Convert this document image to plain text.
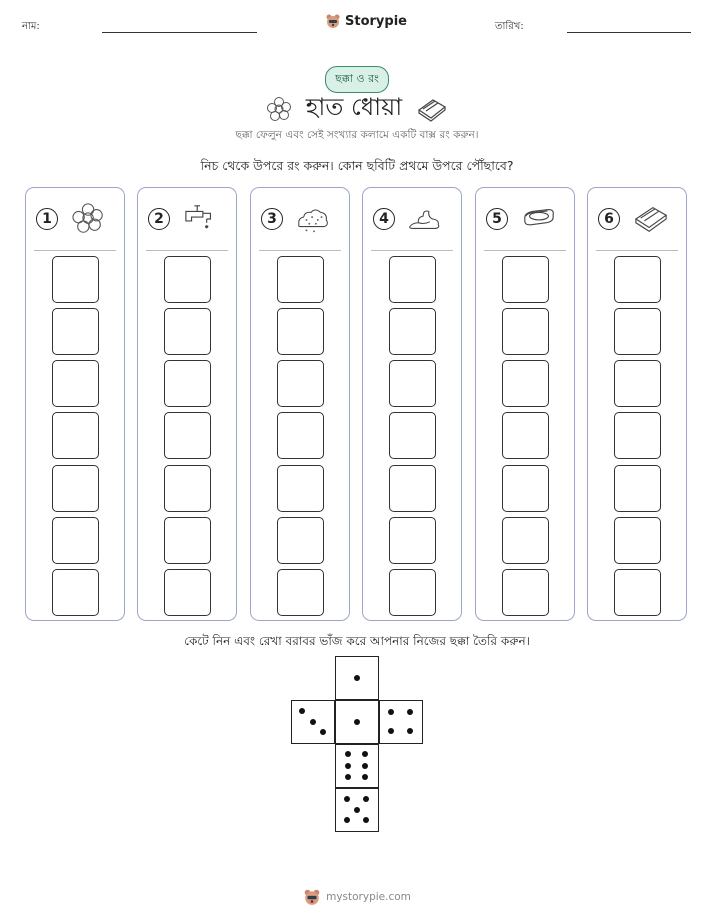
নাম:	Storypie	তারিখ:
ছক্কা ও রং
হাত ধোয়া
ছক্কা ফেলুন এবং সেই সংখ্যার কলামে একটি বাক্স রং করুন।
নিচ থেকে উপরে রং করুন। কোন ছবিটি প্রথমে উপরে পৌঁছাবে?
1	2	3	4	5	6
কেটে নিন এবং রেখা বরাবর ভাঁজ করে আপনার নিজের ছক্কা তৈরি করুন।
mystorypie.com
